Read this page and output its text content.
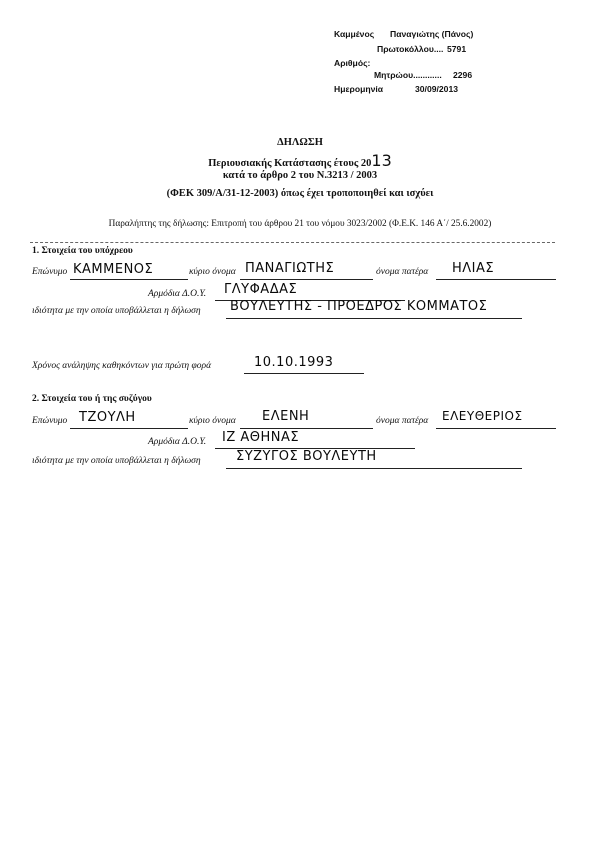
Καμμένος Παναγιώτης (Πάνος)
Πρωτοκόλλου.... 5791
Αριθμός:
Μητρώου............ 2296
Ημερομηνία	30/09/2013
ΔΗΛΩΣΗ
Περιουσιακής Κατάστασης έτους 2013
κατά το άρθρο 2 του Ν.3213 / 2003
(ΦΕΚ 309/Α/31-12-2003) όπως έχει τροποποιηθεί και ισχύει
Παραλήπτης της δήλωσης: Επιτροπή του άρθρου 21 του νόμου 3023/2002 (Φ.Ε.Κ. 146 Α΄/ 25.6.2002)
1. Στοιχεία του υπόχρεου
Επώνυμο ΚΑΜΜΕΝΟΣ	κύριο όνομα ΠΑΝΑΓΙΩΤΗΣ	όνομα πατέρα ΗΛΙΑΣ
Αρμόδια Δ.Ο.Υ. ΓΛΥΦΑΔΑΣ
ιδιότητα με την οποία υποβάλλεται η δήλωση ΒΟΥΛΕΥΤΗΣ - ΠΡΟΕΔΡΟΣ ΚΟΜΜΑΤΟΣ
Χρόνος ανάληψης καθηκόντων για πρώτη φορά	10.10.1993
2. Στοιχεία του ή της συζύγου
Επώνυμο ΤΖΟΥΛΗ	κύριο όνομα ΕΛΕΝΗ	όνομα πατέρα ΕΛΕΥΘΕΡΙΟΣ
Αρμόδια Δ.Ο.Υ. ΙΖ ΑΘΗΝΑΣ
ιδιότητα με την οποία υποβάλλεται η δήλωση	ΣΥΖΥΓΟΣ ΒΟΥΛΕΥΤΗ
